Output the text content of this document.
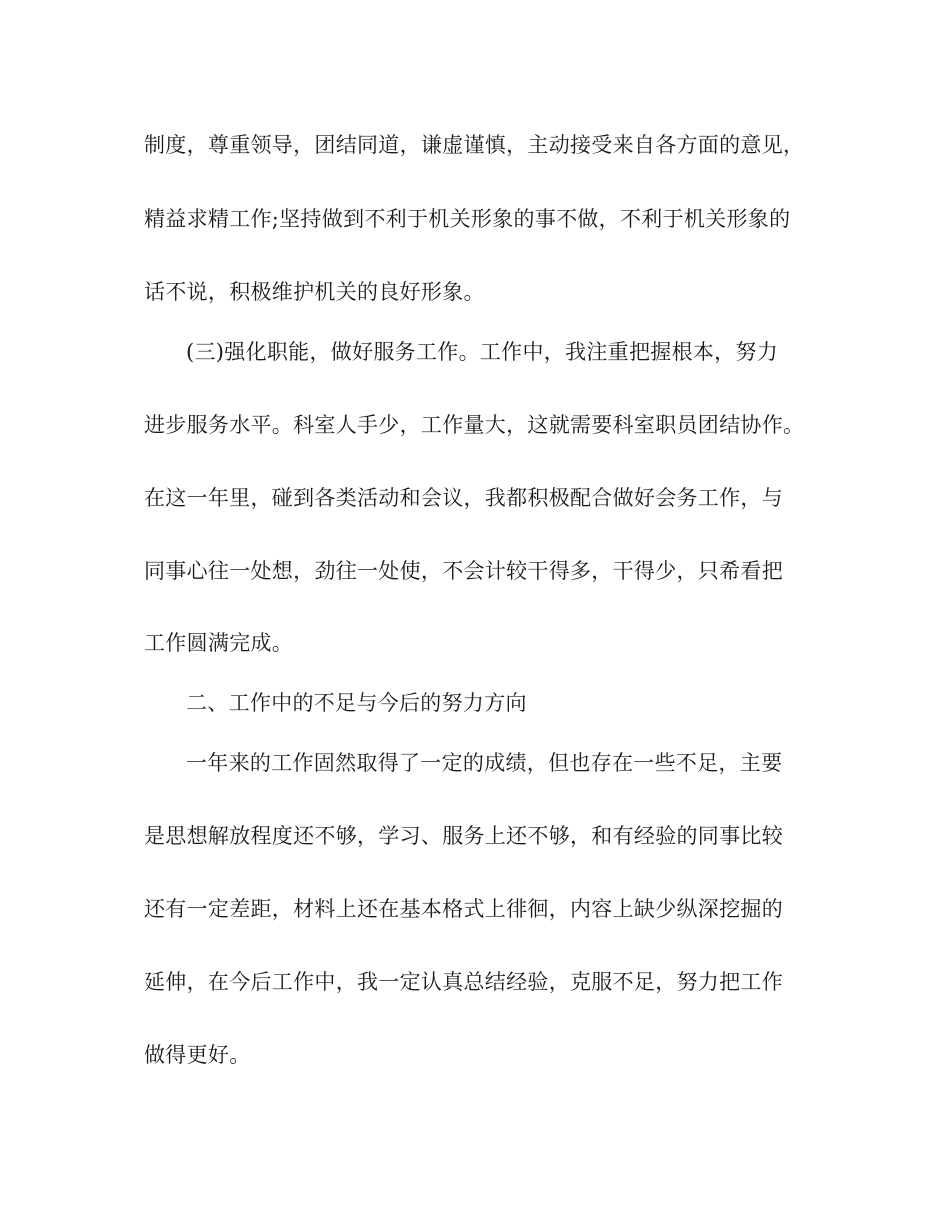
制度，尊重领导，团结同道，谦虚谨慎，主动接受来自各方面的意见，

精益求精工作;坚持做到不利于机关形象的事不做，不利于机关形象的

话不说，积极维护机关的良好形象。

(三)强化职能，做好服务工作。工作中，我注重把握根本，努力

进步服务水平。科室人手少，工作量大，这就需要科室职员团结协作。

在这一年里，碰到各类活动和会议，我都积极配合做好会务工作，与

同事心往一处想，劲往一处使，不会计较干得多，干得少，只希看把

工作圆满完成。

二、工作中的不足与今后的努力方向

一年来的工作固然取得了一定的成绩，但也存在一些不足，主要

是思想解放程度还不够，学习、服务上还不够，和有经验的同事比较

还有一定差距，材料上还在基本格式上徘徊，内容上缺少纵深挖掘的

延伸，在今后工作中，我一定认真总结经验，克服不足，努力把工作

做得更好。
